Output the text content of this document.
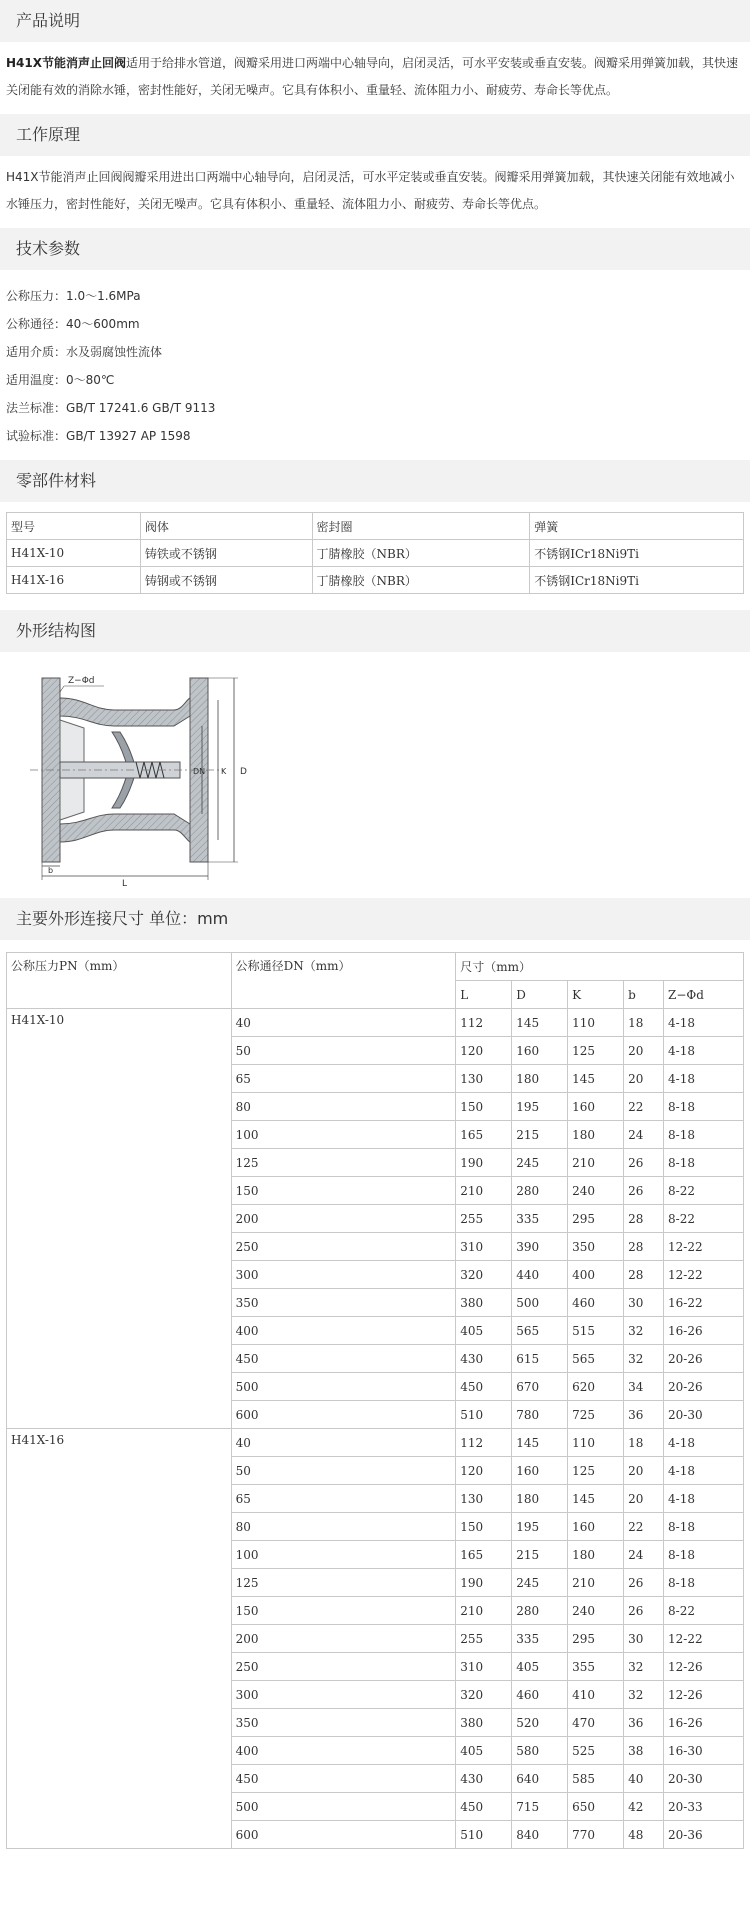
产品说明
H41X节能消声止回阀适用于给排水管道，阀瓣采用进口两端中心轴导向，启闭灵活，可水平安装或垂直安装。阀瓣采用弹簧加载，其快速关闭能有效的消除水锤，密封性能好，关闭无噪声。它具有体积小、重量轻、流体阻力小、耐疲劳、寿命长等优点。
工作原理
H41X节能消声止回阀阀瓣采用进出口两端中心轴导向，启闭灵活，可水平定装或垂直安装。阀瓣采用弹簧加载，其快速关闭能有效地减小水锤压力，密封性能好，关闭无噪声。它具有体积小、重量轻、流体阻力小、耐疲劳、寿命长等优点。
技术参数
公称压力：1.0～1.6MPa
公称通径：40～600mm
适用介质：水及弱腐蚀性流体
适用温度：0～80℃
法兰标准：GB/T 17241.6 GB/T 9113
试验标准：GB/T 13927 AP 1598
零部件材料
型号	阀体	密封圈	弹簧
H41X-10	铸铁或不锈钢	丁腈橡胶（NBR）	不锈钢ICr18Ni9Ti
H41X-16	铸钢或不锈钢	丁腈橡胶（NBR）	不锈钢ICr18Ni9Ti
外形结构图
Z−Φd
D
K
DN
b
L
主要外形连接尺寸 单位：mm
公称压力PN（mm）	公称通径DN（mm）	尺寸（mm）				
		L	D	K	b	Z−Φd
H41X-10	40	112	145	110	18	4-18
	50	120	160	125	20	4-18
	65	130	180	145	20	4-18
	80	150	195	160	22	8-18
	100	165	215	180	24	8-18
	125	190	245	210	26	8-18
	150	210	280	240	26	8-22
	200	255	335	295	28	8-22
	250	310	390	350	28	12-22
	300	320	440	400	28	12-22
	350	380	500	460	30	16-22
	400	405	565	515	32	16-26
	450	430	615	565	32	20-26
	500	450	670	620	34	20-26
	600	510	780	725	36	20-30
H41X-16	40	112	145	110	18	4-18
	50	120	160	125	20	4-18
	65	130	180	145	20	4-18
	80	150	195	160	22	8-18
	100	165	215	180	24	8-18
	125	190	245	210	26	8-18
	150	210	280	240	26	8-22
	200	255	335	295	30	12-22
	250	310	405	355	32	12-26
	300	320	460	410	32	12-26
	350	380	520	470	36	16-26
	400	405	580	525	38	16-30
	450	430	640	585	40	20-30
	500	450	715	650	42	20-33
	600	510	840	770	48	20-36
